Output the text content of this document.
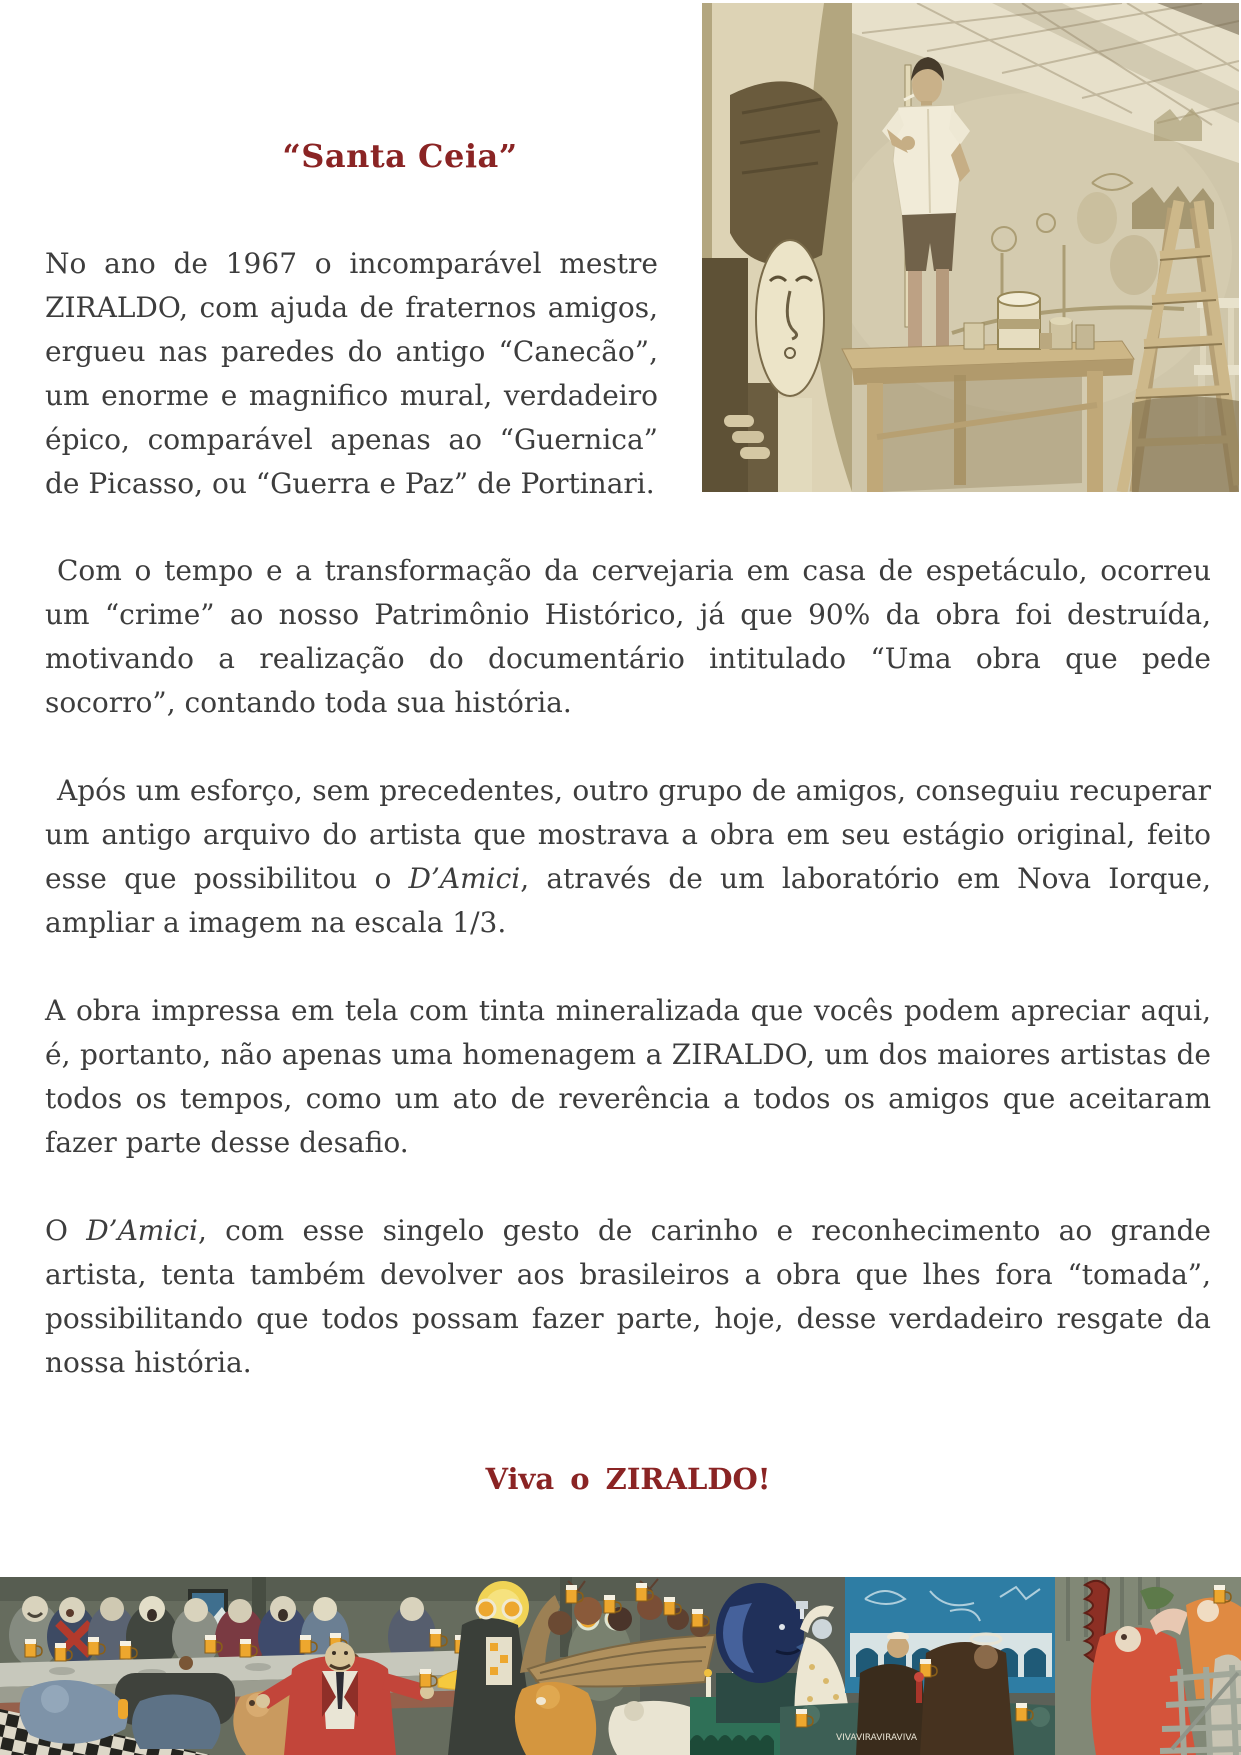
“Santa Ceia”

No ano de 1967 o incomparável mestre ZIRALDO, com ajuda de fraternos amigos, ergueu nas paredes do antigo “Canecão”, um enorme e magnifico mural, verdadeiro épico, comparável apenas ao “Guernica” de Picasso, ou “Guerra e Paz” de Portinari.

Com o tempo e a transformação da cervejaria em casa de espetáculo, ocorreu um “crime” ao nosso Patrimônio Histórico, já que 90% da obra foi destruída, motivando a realização do documentário intitulado “Uma obra que pede socorro”, contando toda sua história.

Após um esforço, sem precedentes, outro grupo de amigos, conseguiu recuperar um antigo arquivo do artista que mostrava a obra em seu estágio original, feito esse que possibilitou o D’Amici, através de um laboratório em Nova Iorque, ampliar a imagem na escala 1/3.

A obra impressa em tela com tinta mineralizada que vocês podem apreciar aqui, é, portanto, não apenas uma homenagem a ZIRALDO, um dos maiores artistas de todos os tempos, como um ato de reverência a todos os amigos que aceitaram fazer parte desse desafio.

O D’Amici, com esse singelo gesto de carinho e reconhecimento ao grande artista, tenta também devolver aos brasileiros a obra que lhes fora “tomada”, possibilitando que todos possam fazer parte, hoje, desse verdadeiro resgate da nossa história.

Viva o ZIRALDO!

VIVAVIRAVIRAVIVA
